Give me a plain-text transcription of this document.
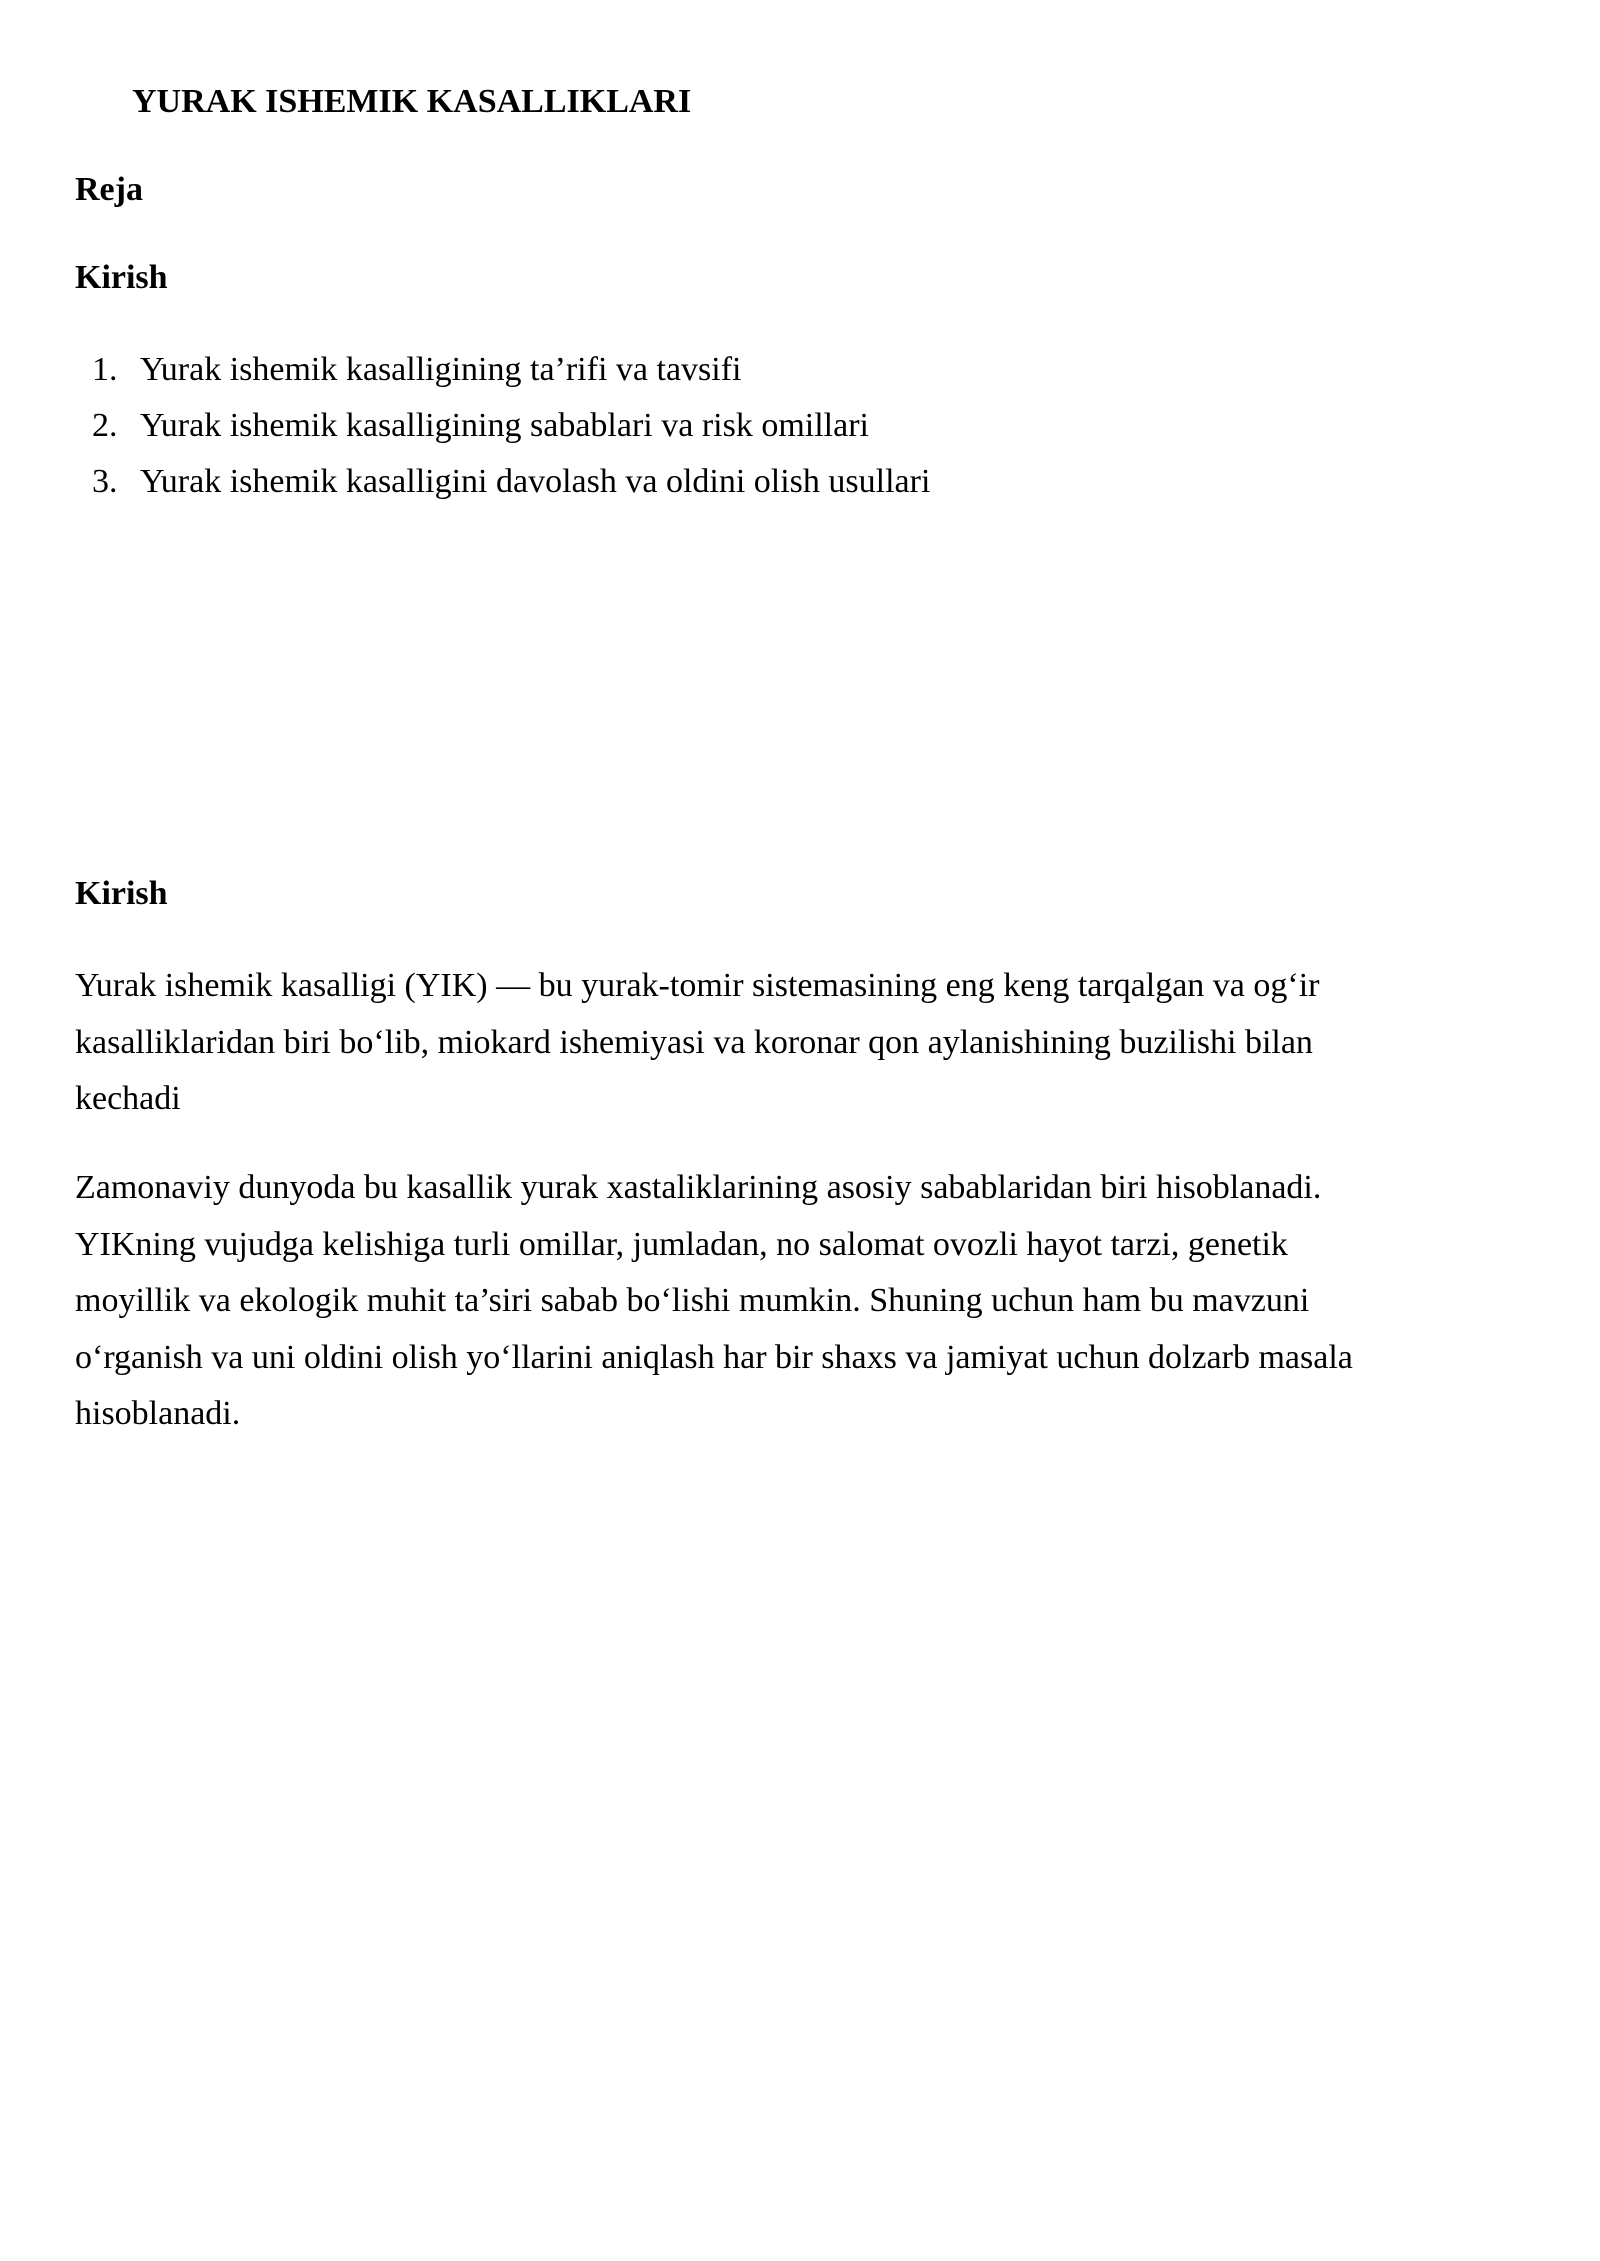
YURAK ISHEMIK KASALLIKLARI
Reja
Kirish
1. Yurak ishemik kasalligining ta’rifi va tavsifi
2. Yurak ishemik kasalligining sabablari va risk omillari
3. Yurak ishemik kasalligini davolash va oldini olish usullari
Kirish

Yurak ishemik kasalligi (YIK) — bu yurak-tomir sistemasining eng keng tarqalgan va og‘ir
kasalliklaridan biri bo‘lib, miokard ishemiyasi va koronar qon aylanishining buzilishi bilan
kechadi

Zamonaviy dunyoda bu kasallik yurak xastaliklarining asosiy sabablaridan biri hisoblanadi.
YIKning vujudga kelishiga turli omillar, jumladan, no salomat ovozli hayot tarzi, genetik
moyillik va ekologik muhit ta’siri sabab bo‘lishi mumkin. Shuning uchun ham bu mavzuni
o‘rganish va uni oldini olish yo‘llarini aniqlash har bir shaxs va jamiyat uchun dolzarb masala
hisoblanadi.
